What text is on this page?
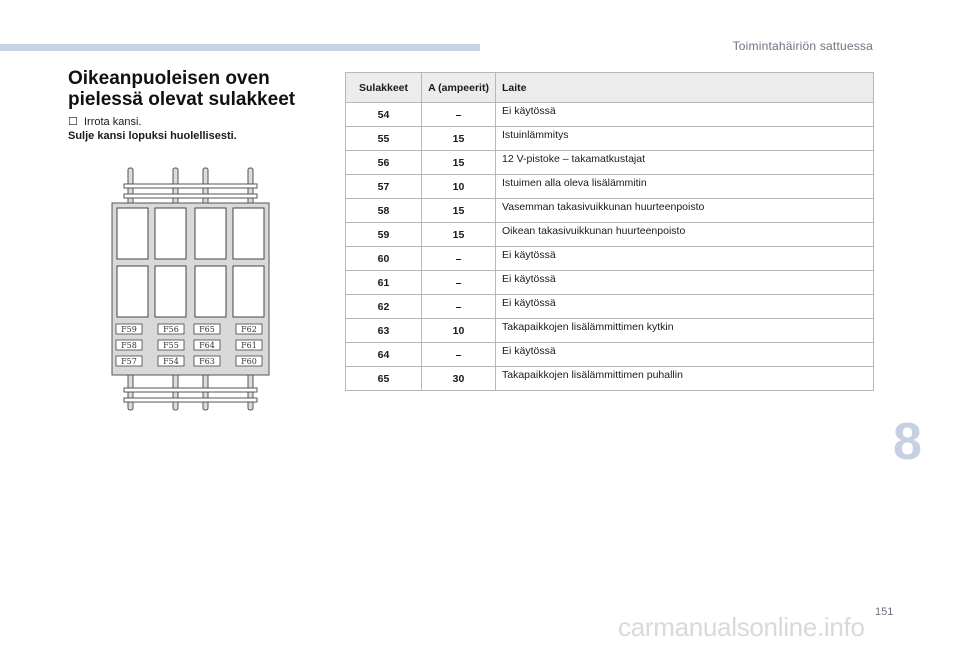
Toimintahäiriön sattuessa
Oikeanpuoleisen oven
pielessä olevat sulakkeet
☐ Irrota kansi.
Sulje kansi lopuksi huolellisesti.
F59	F56	F65	F62
F58	F55	F64	F61
F57	F54	F63	F60
Sulakkeet	A (ampeerit)	Laite
54	–	Ei käytössä
55	15	Istuinlämmitys
56	15	12 V-pistoke – takamatkustajat
57	10	Istuimen alla oleva lisälämmitin
58	15	Vasemman takasivuikkunan huurteenpoisto
59	15	Oikean takasivuikkunan huurteenpoisto
60	–	Ei käytössä
61	–	Ei käytössä
62	–	Ei käytössä
63	10	Takapaikkojen lisälämmittimen kytkin
64	–	Ei käytössä
65	30	Takapaikkojen lisälämmittimen puhallin
8
151
carmanualsonline.info
